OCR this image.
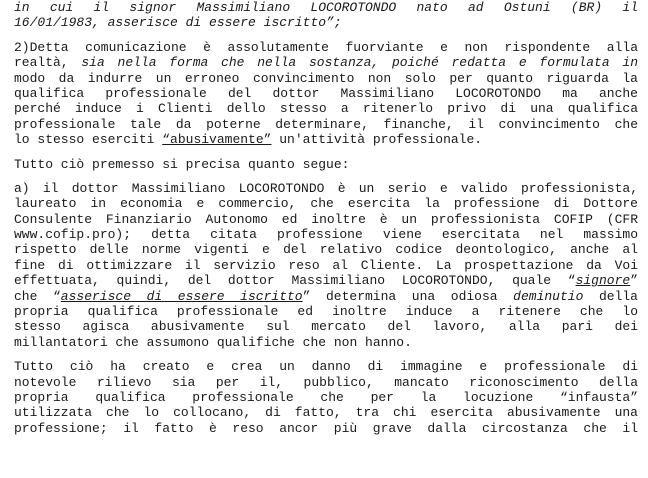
in cui il signor Massimiliano LOCOROTONDO nato ad Ostuni (BR) il
16/01/1983, asserisce di essere iscritto”;
2)Detta comunicazione è assolutamente fuorviante e non rispondente alla
realtà, sia nella forma che nella sostanza, poiché redatta e formulata in
modo da indurre un erroneo convincimento non solo per quanto riguarda la
qualifica professionale del dottor Massimiliano LOCOROTONDO ma anche
perché induce i Clienti dello stesso a ritenerlo privo di una qualifica
professionale tale da poterne determinare, finanche, il convincimento che
lo stesso eserciti “abusivamente” un'attività professionale.
Tutto ciò premesso si precisa quanto segue:
a) il dottor Massimiliano LOCOROTONDO è un serio e valido professionista,
laureato in economia e commercio, che esercita la professione di Dottore
Consulente Finanziario Autonomo ed inoltre è un professionista COFIP (CFR
www.cofip.pro); detta citata professione viene esercitata nel massimo
rispetto delle norme vigenti e del relativo codice deontologico, anche al
fine di ottimizzare il servizio reso al Cliente. La prospettazione da Voi
effettuata, quindi, del dottor Massimiliano LOCOROTONDO, quale “signore”
che “asserisce di essere iscritto” determina una odiosa deminutio della
propria qualifica professionale ed inoltre induce a ritenere che lo
stesso agisca abusivamente sul mercato del lavoro, alla pari dei
millantatori che assumono qualifiche che non hanno.
Tutto ciò ha creato e crea un danno di immagine e professionale di
notevole rilievo sia per il, pubblico, mancato riconoscimento della
propria qualifica professionale che per la locuzione “infausta”
utilizzata che lo collocano, di fatto, tra chi esercita abusivamente una
professione; il fatto è reso ancor più grave dalla circostanza che il
